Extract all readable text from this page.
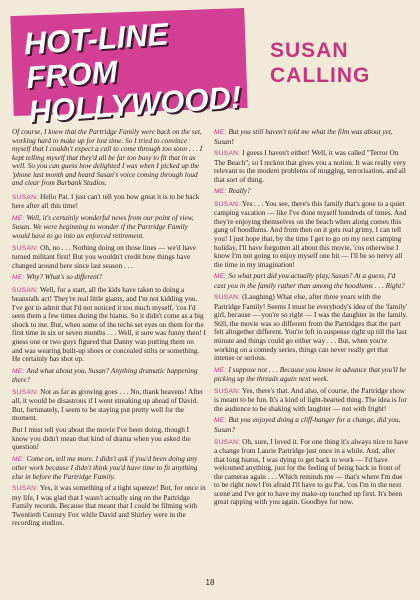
HOT-LINE FROM HOLLYWOOD!
SUSAN CALLING

Of course, I knew that the Partridge Family were back on the set, working hard to make up for lost time. So I tried to convince myself that I couldn't expect a call to come through too soon . . . I kept telling myself that they'd all be far too busy to fit that in as well. So you can guess how delighted I was when I picked up the 'phone last month and heard Susan's voice coming through loud and clear from Burbank Studios.

SUSAN: Hello Pat. I just can't tell you how great it is to be back here after all this time!

ME: Well, it's certainly wonderful news from our point of view, Susan. We were beginning to wonder if the Partridge Family would have to go into an enforced retirement.

SUSAN: Oh, no . . . Nothing doing on those lines — we'd have turned militant first! But you wouldn't credit how things have changed around here since last season . . .

ME: Why? What's so different?

SUSAN: Well, for a start, all the kids have taken to doing a beanstalk act! They're real little giants, and I'm not kidding you. I've got to admit that I'd not noticed it too much myself, 'cos I'd seen them a few times during the hiatus. So it didn't come as a big shock to me. But, when some of the techs set eyes on them for the first time in six or seven months . . . Well, it sure was funny then! I guess one or two guys figured that Danny was putting them on and was wearing built-up shoes or concealed stilts or something. He certainly has shot up.

ME: And what about you, Susan? Anything dramatic happening there?

SUSAN: Not as far as growing goes . . . No, thank heavens! After all, it would be disastrous if I went streaking up ahead of David. But, fortunately, I seem to be staying put pretty well for the moment.

But I must tell you about the movie I've been doing, though I know you didn't mean that kind of drama when you asked the question!

ME: Come on, tell me more. I didn't ask if you'd been doing any other work because I didn't think you'd have time to fit anything else in before the Partridge Family.

SUSAN: Yes, it was something of a tight squeeze! But, for once in my life, I was glad that I wasn't actually sing on the Partridge Family records. Because that meant that I could be filming with Twentieth Century Fox while David and Shirley were in the recording studios.

ME: But you still haven't told me what the film was about yet, Susan!

SUSAN: I guess I haven't either! Well, it was called "Terror On The Beach", so I reckon that gives you a notion. It was really very relevant to the modern problems of mugging, terrorisation, and all that sort of thing.

ME: Really?

SUSAN: Yes . . . You see, there's this family that's gone to a quiet camping vacation — like I've done myself hundreds of times. And they're enjoying themselves on the beach when along comes this gang of hoodlums. And from then on it gets real grimy, I can tell you! I just hope that, by the time I get to go on my next camping holiday, I'll have forgotten all about this movie, 'cos otherwise I know I'm not going to enjoy myself one bit — I'll be so nervy all the time in my imagination!

ME: So what part did you actually play, Susan? At a guess, I'd cast you in the family rather than among the hoodlums . . . Right?

SUSAN: (Laughing) What else, after three years with the Partridge Family! Seems I must be everybody's idea of the 'family' girl, because — you're so right — I was the daughter in the family. Still, the movie was so different from the Partridges that the part felt altogether different. You're left in suspense right up till the last minute and things could go either way . . . But, when you're working on a comedy series, things can never really get that intense or serious.

ME: I suppose not . . . Because you know in advance that you'll be picking up the threads again next week.

SUSAN: Yes, there's that. And also, of course, the Partridge show is meant to be fun. It's a kind of light-hearted thing. The idea is for the audience to be shaking with laughter — not with fright!

ME: But you enjoyed doing a cliff-hanger for a change, did you, Susan?

SUSAN: Oh, sure, I loved it. For one thing it's always nice to have a change from Laurie Partridge just once in a while. And, after that long hiatus, I was dying to get back to work — I'd have welcomed anything, just for the feeling of being back in front of the cameras again . . . Which reminds me — that's where I'm due to be right now! I'm afraid I'll have to go Pat, 'cos I'm in the next scene and I've got to have my make-up touched up first. It's been great rapping with you again. Goodbye for now.

18
